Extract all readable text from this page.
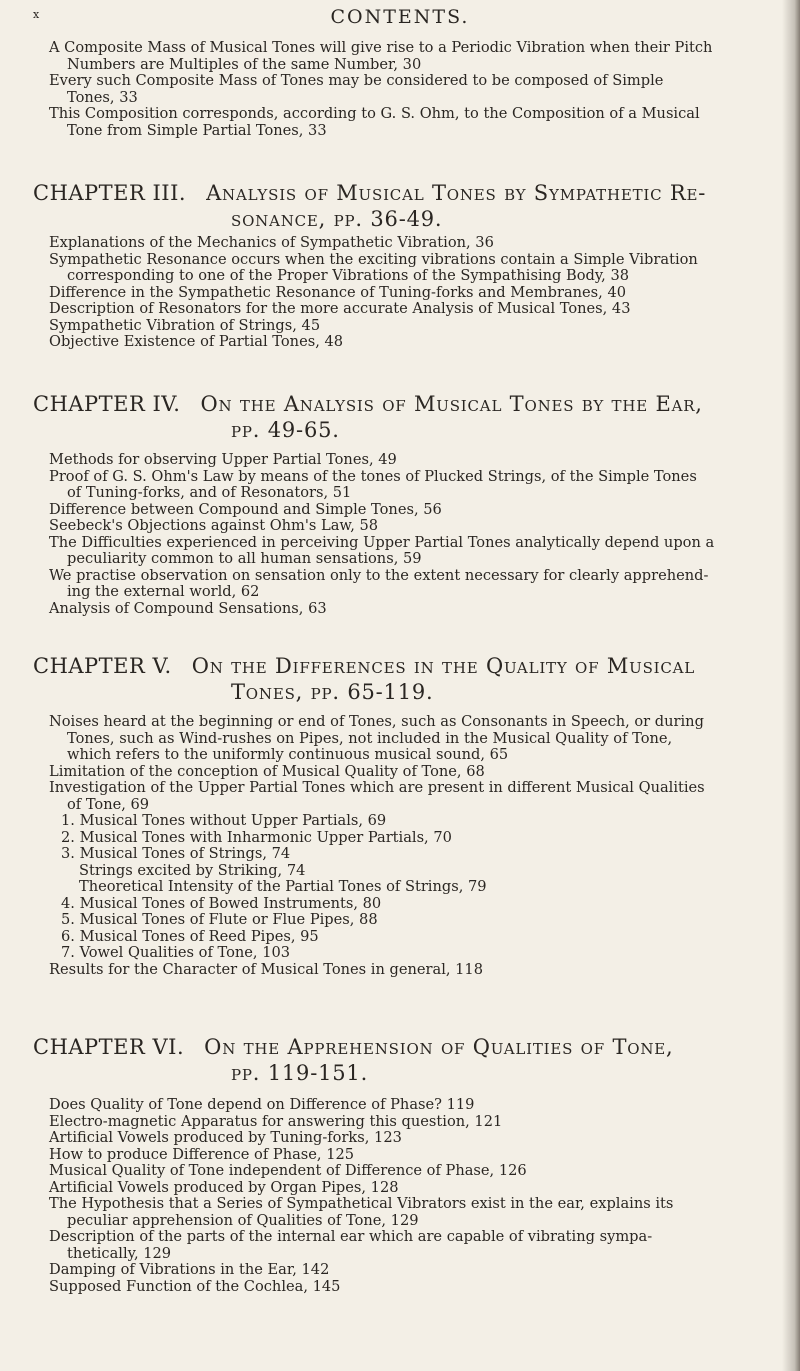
x	CONTENTS.

A Composite Mass of Musical Tones will give rise to a Periodic Vibration when their Pitch
Numbers are Multiples of the same Number, 30

Every such Composite Mass of Tones may be considered to be composed of Simple
Tones, 33

This Composition corresponds, according to G. S. Ohm, to the Composition of a Musical
Tone from Simple Partial Tones, 33

CHAPTER III. Analysis of Musical Tones by Sympathetic Re-
sonance, pp. 36-49.

Explanations of the Mechanics of Sympathetic Vibration, 36

Sympathetic Resonance occurs when the exciting vibrations contain a Simple Vibration
corresponding to one of the Proper Vibrations of the Sympathising Body, 38

Difference in the Sympathetic Resonance of Tuning-forks and Membranes, 40

Description of Resonators for the more accurate Analysis of Musical Tones, 43

Sympathetic Vibration of Strings, 45

Objective Existence of Partial Tones, 48

CHAPTER IV. On the Analysis of Musical Tones by the Ear,
pp. 49-65.

Methods for observing Upper Partial Tones, 49

Proof of G. S. Ohm's Law by means of the tones of Plucked Strings, of the Simple Tones
of Tuning-forks, and of Resonators, 51

Difference between Compound and Simple Tones, 56

Seebeck's Objections against Ohm's Law, 58

The Difficulties experienced in perceiving Upper Partial Tones analytically depend upon a
peculiarity common to all human sensations, 59

We practise observation on sensation only to the extent necessary for clearly apprehend-
ing the external world, 62

Analysis of Compound Sensations, 63

CHAPTER V. On the Differences in the Quality of Musical
Tones, pp. 65-119.

Noises heard at the beginning or end of Tones, such as Consonants in Speech, or during
Tones, such as Wind-rushes on Pipes, not included in the Musical Quality of Tone,
which refers to the uniformly continuous musical sound, 65

Limitation of the conception of Musical Quality of Tone, 68

Investigation of the Upper Partial Tones which are present in different Musical Qualities
of Tone, 69

1. Musical Tones without Upper Partials, 69

2. Musical Tones with Inharmonic Upper Partials, 70

3. Musical Tones of Strings, 74

Strings excited by Striking, 74

Theoretical Intensity of the Partial Tones of Strings, 79

4. Musical Tones of Bowed Instruments, 80

5. Musical Tones of Flute or Flue Pipes, 88

6. Musical Tones of Reed Pipes, 95

7. Vowel Qualities of Tone, 103

Results for the Character of Musical Tones in general, 118

CHAPTER VI. On the Apprehension of Qualities of Tone,
pp. 119-151.

Does Quality of Tone depend on Difference of Phase? 119

Electro-magnetic Apparatus for answering this question, 121

Artificial Vowels produced by Tuning-forks, 123

How to produce Difference of Phase, 125

Musical Quality of Tone independent of Difference of Phase, 126

Artificial Vowels produced by Organ Pipes, 128

The Hypothesis that a Series of Sympathetical Vibrators exist in the ear, explains its
peculiar apprehension of Qualities of Tone, 129

Description of the parts of the internal ear which are capable of vibrating sympa-
thetically, 129

Damping of Vibrations in the Ear, 142

Supposed Function of the Cochlea, 145
